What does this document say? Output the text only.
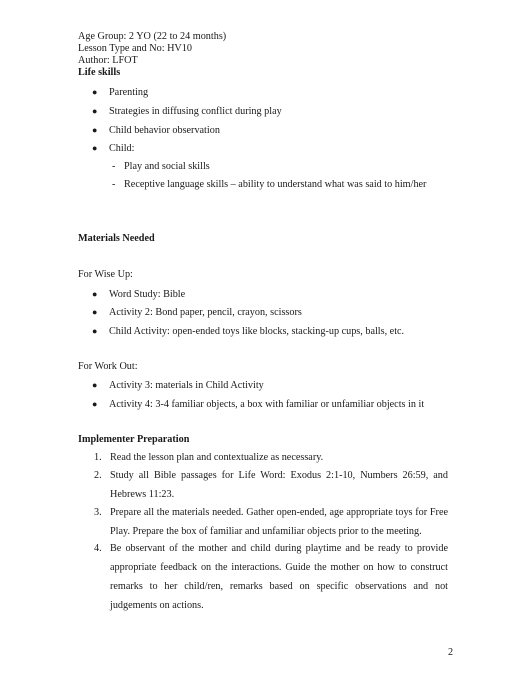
Age Group: 2 YO (22 to 24 months)
Lesson Type and No: HV10
Author: LFOT
Life skills
● Parenting
● Strategies in diffusing conflict during play
● Child behavior observation
● Child:
- Play and social skills
- Receptive language skills – ability to understand what was said to him/her
Materials Needed
For Wise Up:
● Word Study: Bible
● Activity 2: Bond paper, pencil, crayon, scissors
● Child Activity: open-ended toys like blocks, stacking-up cups, balls, etc.
For Work Out:
● Activity 3: materials in Child Activity
● Activity 4: 3-4 familiar objects, a box with familiar or unfamiliar objects in it
Implementer Preparation
1. Read the lesson plan and contextualize as necessary.
2. Study all Bible passages for Life Word: Exodus 2:1-10, Numbers 26:59, and
Hebrews 11:23.
3. Prepare all the materials needed. Gather open-ended, age appropriate toys for Free
Play. Prepare the box of familiar and unfamiliar objects prior to the meeting.
4. Be observant of the mother and child during playtime and be ready to provide
appropriate feedback on the interactions. Guide the mother on how to construct
remarks to her child/ren, remarks based on specific observations and not
judgements on actions.
2
